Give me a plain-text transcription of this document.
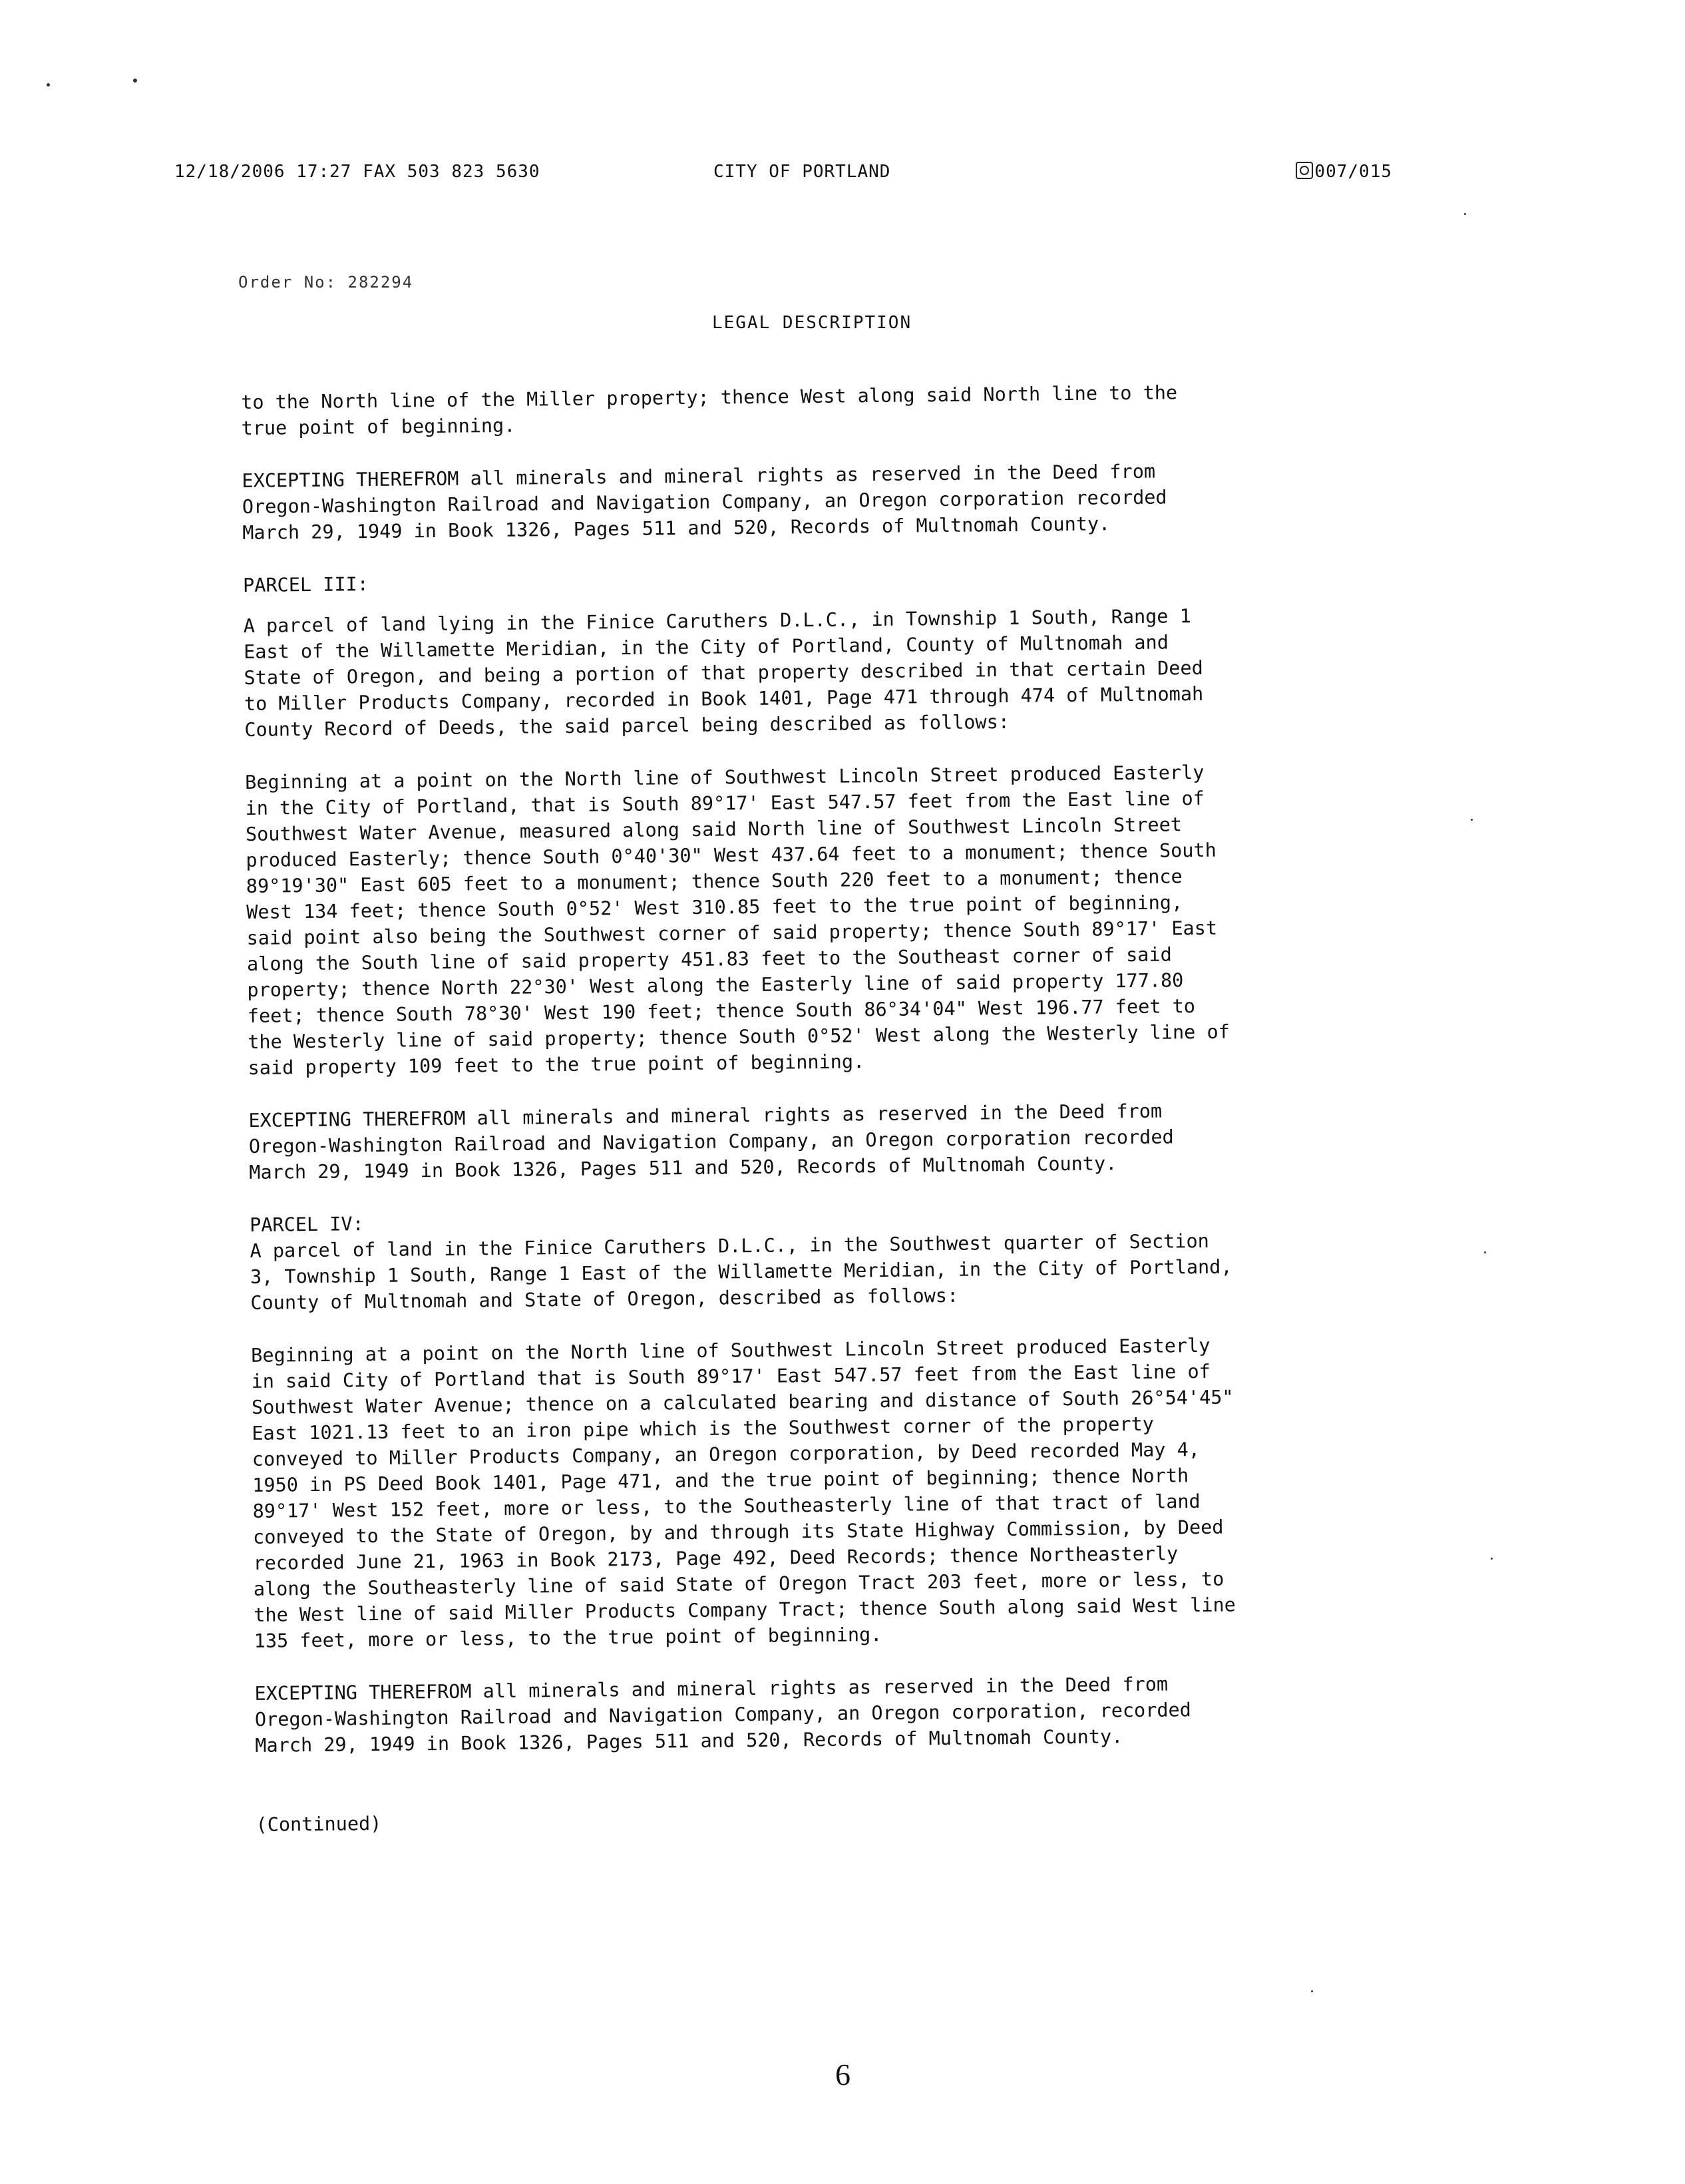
12/18/2006 17:27 FAX 503 823 5630	CITY OF PORTLAND	007/015
Order No: 282294
LEGAL DESCRIPTION

to the North line of the Miller property; thence West along said North line to the
true point of beginning.

EXCEPTING THEREFROM all minerals and mineral rights as reserved in the Deed from
Oregon-Washington Railroad and Navigation Company, an Oregon corporation recorded
March 29, 1949 in Book 1326, Pages 511 and 520, Records of Multnomah County.

PARCEL III:

A parcel of land lying in the Finice Caruthers D.L.C., in Township 1 South, Range 1
East of the Willamette Meridian, in the City of Portland, County of Multnomah and
State of Oregon, and being a portion of that property described in that certain Deed
to Miller Products Company, recorded in Book 1401, Page 471 through 474 of Multnomah
County Record of Deeds, the said parcel being described as follows:

Beginning at a point on the North line of Southwest Lincoln Street produced Easterly
in the City of Portland, that is South 89°17' East 547.57 feet from the East line of
Southwest Water Avenue, measured along said North line of Southwest Lincoln Street
produced Easterly; thence South 0°40'30" West 437.64 feet to a monument; thence South
89°19'30" East 605 feet to a monument; thence South 220 feet to a monument; thence
West 134 feet; thence South 0°52' West 310.85 feet to the true point of beginning,
said point also being the Southwest corner of said property; thence South 89°17' East
along the South line of said property 451.83 feet to the Southeast corner of said
property; thence North 22°30' West along the Easterly line of said property 177.80
feet; thence South 78°30' West 190 feet; thence South 86°34'04" West 196.77 feet to
the Westerly line of said property; thence South 0°52' West along the Westerly line of
said property 109 feet to the true point of beginning.

EXCEPTING THEREFROM all minerals and mineral rights as reserved in the Deed from
Oregon-Washington Railroad and Navigation Company, an Oregon corporation recorded
March 29, 1949 in Book 1326, Pages 511 and 520, Records of Multnomah County.

PARCEL IV:

A parcel of land in the Finice Caruthers D.L.C., in the Southwest quarter of Section
3, Township 1 South, Range 1 East of the Willamette Meridian, in the City of Portland,
County of Multnomah and State of Oregon, described as follows:

Beginning at a point on the North line of Southwest Lincoln Street produced Easterly
in said City of Portland that is South 89°17' East 547.57 feet from the East line of
Southwest Water Avenue; thence on a calculated bearing and distance of South 26°54'45"
East 1021.13 feet to an iron pipe which is the Southwest corner of the property
conveyed to Miller Products Company, an Oregon corporation, by Deed recorded May 4,
1950 in PS Deed Book 1401, Page 471, and the true point of beginning; thence North
89°17' West 152 feet, more or less, to the Southeasterly line of that tract of land
conveyed to the State of Oregon, by and through its State Highway Commission, by Deed
recorded June 21, 1963 in Book 2173, Page 492, Deed Records; thence Northeasterly
along the Southeasterly line of said State of Oregon Tract 203 feet, more or less, to
the West line of said Miller Products Company Tract; thence South along said West line
135 feet, more or less, to the true point of beginning.

EXCEPTING THEREFROM all minerals and mineral rights as reserved in the Deed from
Oregon-Washington Railroad and Navigation Company, an Oregon corporation, recorded
March 29, 1949 in Book 1326, Pages 511 and 520, Records of Multnomah County.

(Continued)
6
